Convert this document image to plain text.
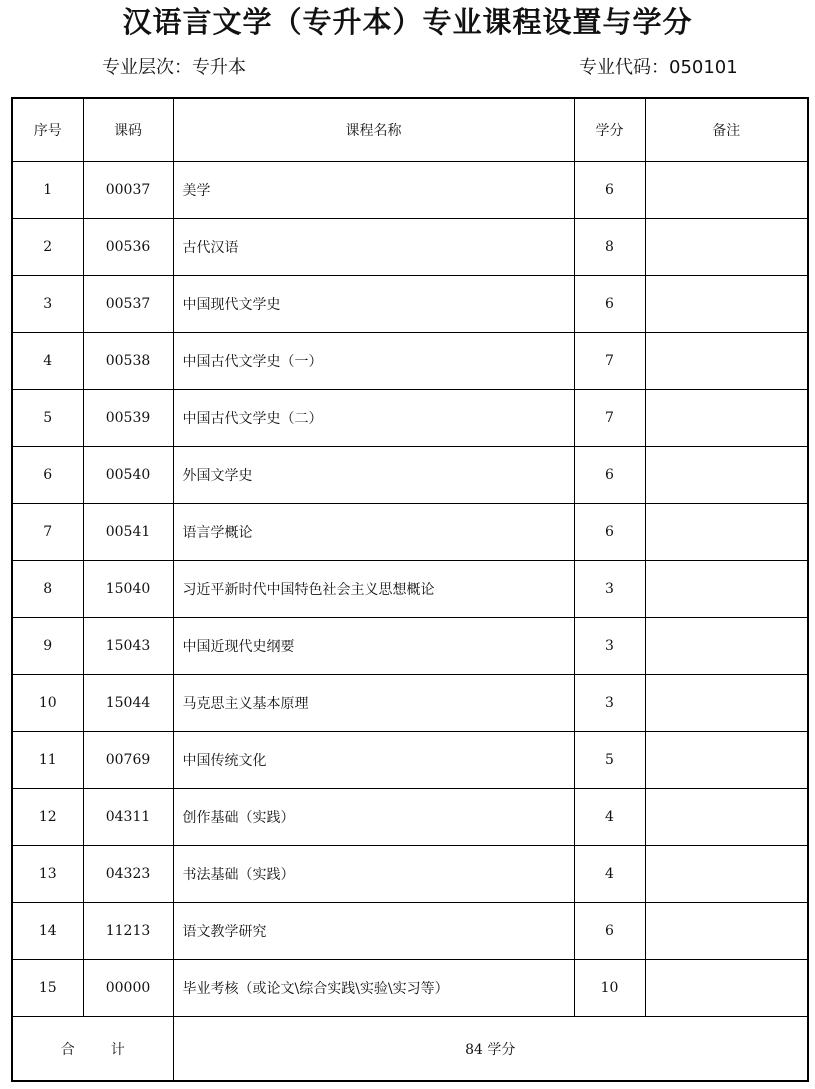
汉语言文学（专升本）专业课程设置与学分
专业层次：专升本	专业代码：050101
序号	课码	课程名称	学分	备注
1	00037	美学	6	
2	00536	古代汉语	8	
3	00537	中国现代文学史	6	
4	00538	中国古代文学史（一）	7	
5	00539	中国古代文学史（二）	7	
6	00540	外国文学史	6	
7	00541	语言学概论	6	
8	15040	习近平新时代中国特色社会主义思想概论	3	
9	15043	中国近现代史纲要	3	
10	15044	马克思主义基本原理	3	
11	00769	中国传统文化	5	
12	04311	创作基础（实践）	4	
13	04323	书法基础（实践）	4	
14	11213	语文教学研究	6	
15	00000	毕业考核（或论文\综合实践\实验\实习等）	10	
合 计		84 学分		
